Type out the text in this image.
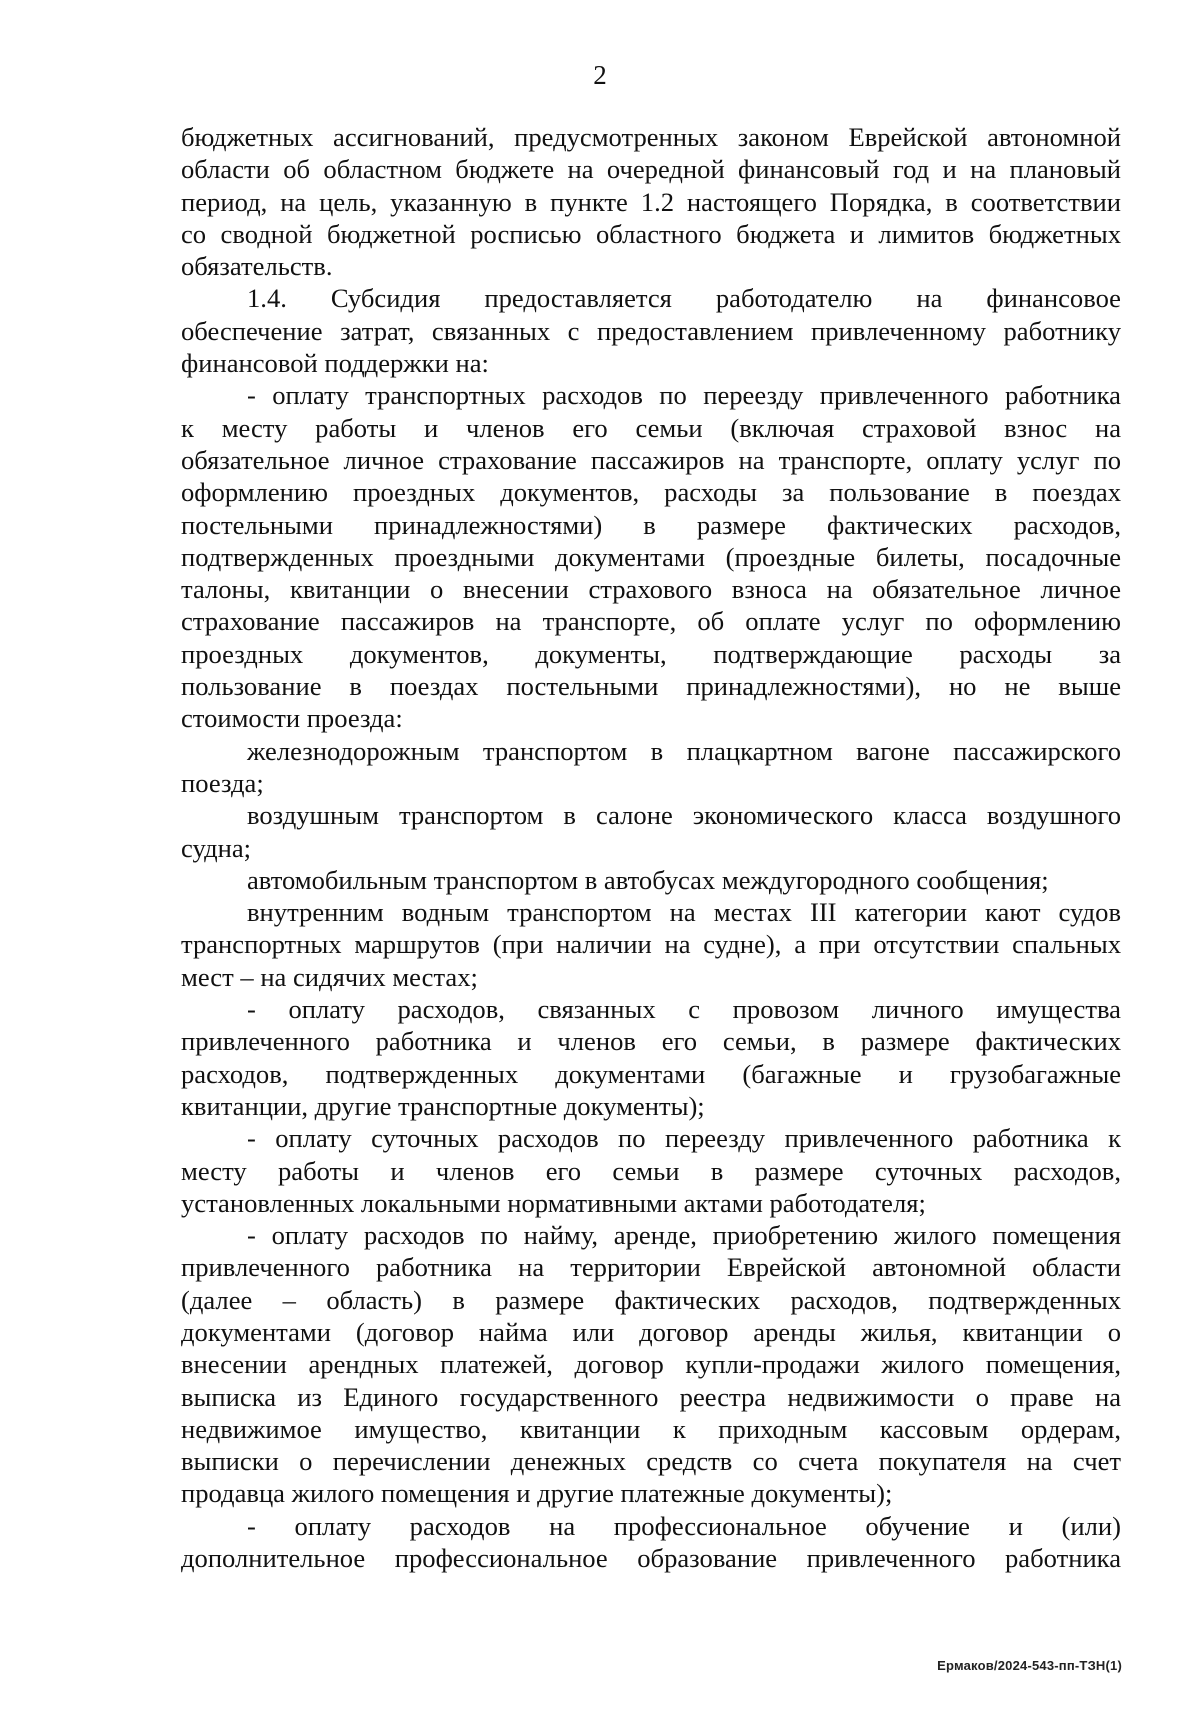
2
бюджетных ассигнований, предусмотренных законом Еврейской автономной
области об областном бюджете на очередной финансовый год и на плановый
период, на цель, указанную в пункте 1.2 настоящего Порядка, в соответствии
со сводной бюджетной росписью областного бюджета и лимитов бюджетных
обязательств.
1.4. Субсидия предоставляется работодателю на финансовое
обеспечение затрат, связанных с предоставлением привлеченному работнику
финансовой поддержки на:
- оплату транспортных расходов по переезду привлеченного работника
к месту работы и членов его семьи (включая страховой взнос на
обязательное личное страхование пассажиров на транспорте, оплату услуг по
оформлению проездных документов, расходы за пользование в поездах
постельными принадлежностями) в размере фактических расходов,
подтвержденных проездными документами (проездные билеты, посадочные
талоны, квитанции о внесении страхового взноса на обязательное личное
страхование пассажиров на транспорте, об оплате услуг по оформлению
проездных документов, документы, подтверждающие расходы за
пользование в поездах постельными принадлежностями), но не выше
стоимости проезда:
железнодорожным транспортом в плацкартном вагоне пассажирского
поезда;
воздушным транспортом в салоне экономического класса воздушного
судна;
автомобильным транспортом в автобусах междугородного сообщения;
внутренним водным транспортом на местах III категории кают судов
транспортных маршрутов (при наличии на судне), а при отсутствии спальных
мест – на сидячих местах;
- оплату расходов, связанных с провозом личного имущества
привлеченного работника и членов его семьи, в размере фактических
расходов, подтвержденных документами (багажные и грузобагажные
квитанции, другие транспортные документы);
- оплату суточных расходов по переезду привлеченного работника к
месту работы и членов его семьи в размере суточных расходов,
установленных локальными нормативными актами работодателя;
- оплату расходов по найму, аренде, приобретению жилого помещения
привлеченного работника на территории Еврейской автономной области
(далее – область) в размере фактических расходов, подтвержденных
документами (договор найма или договор аренды жилья, квитанции о
внесении арендных платежей, договор купли-продажи жилого помещения,
выписка из Единого государственного реестра недвижимости о праве на
недвижимое имущество, квитанции к приходным кассовым ордерам,
выписки о перечислении денежных средств со счета покупателя на счет
продавца жилого помещения и другие платежные документы);
- оплату расходов на профессиональное обучение и (или)
дополнительное профессиональное образование привлеченного работника
Ермаков/2024-543-пп-ТЗН(1)
